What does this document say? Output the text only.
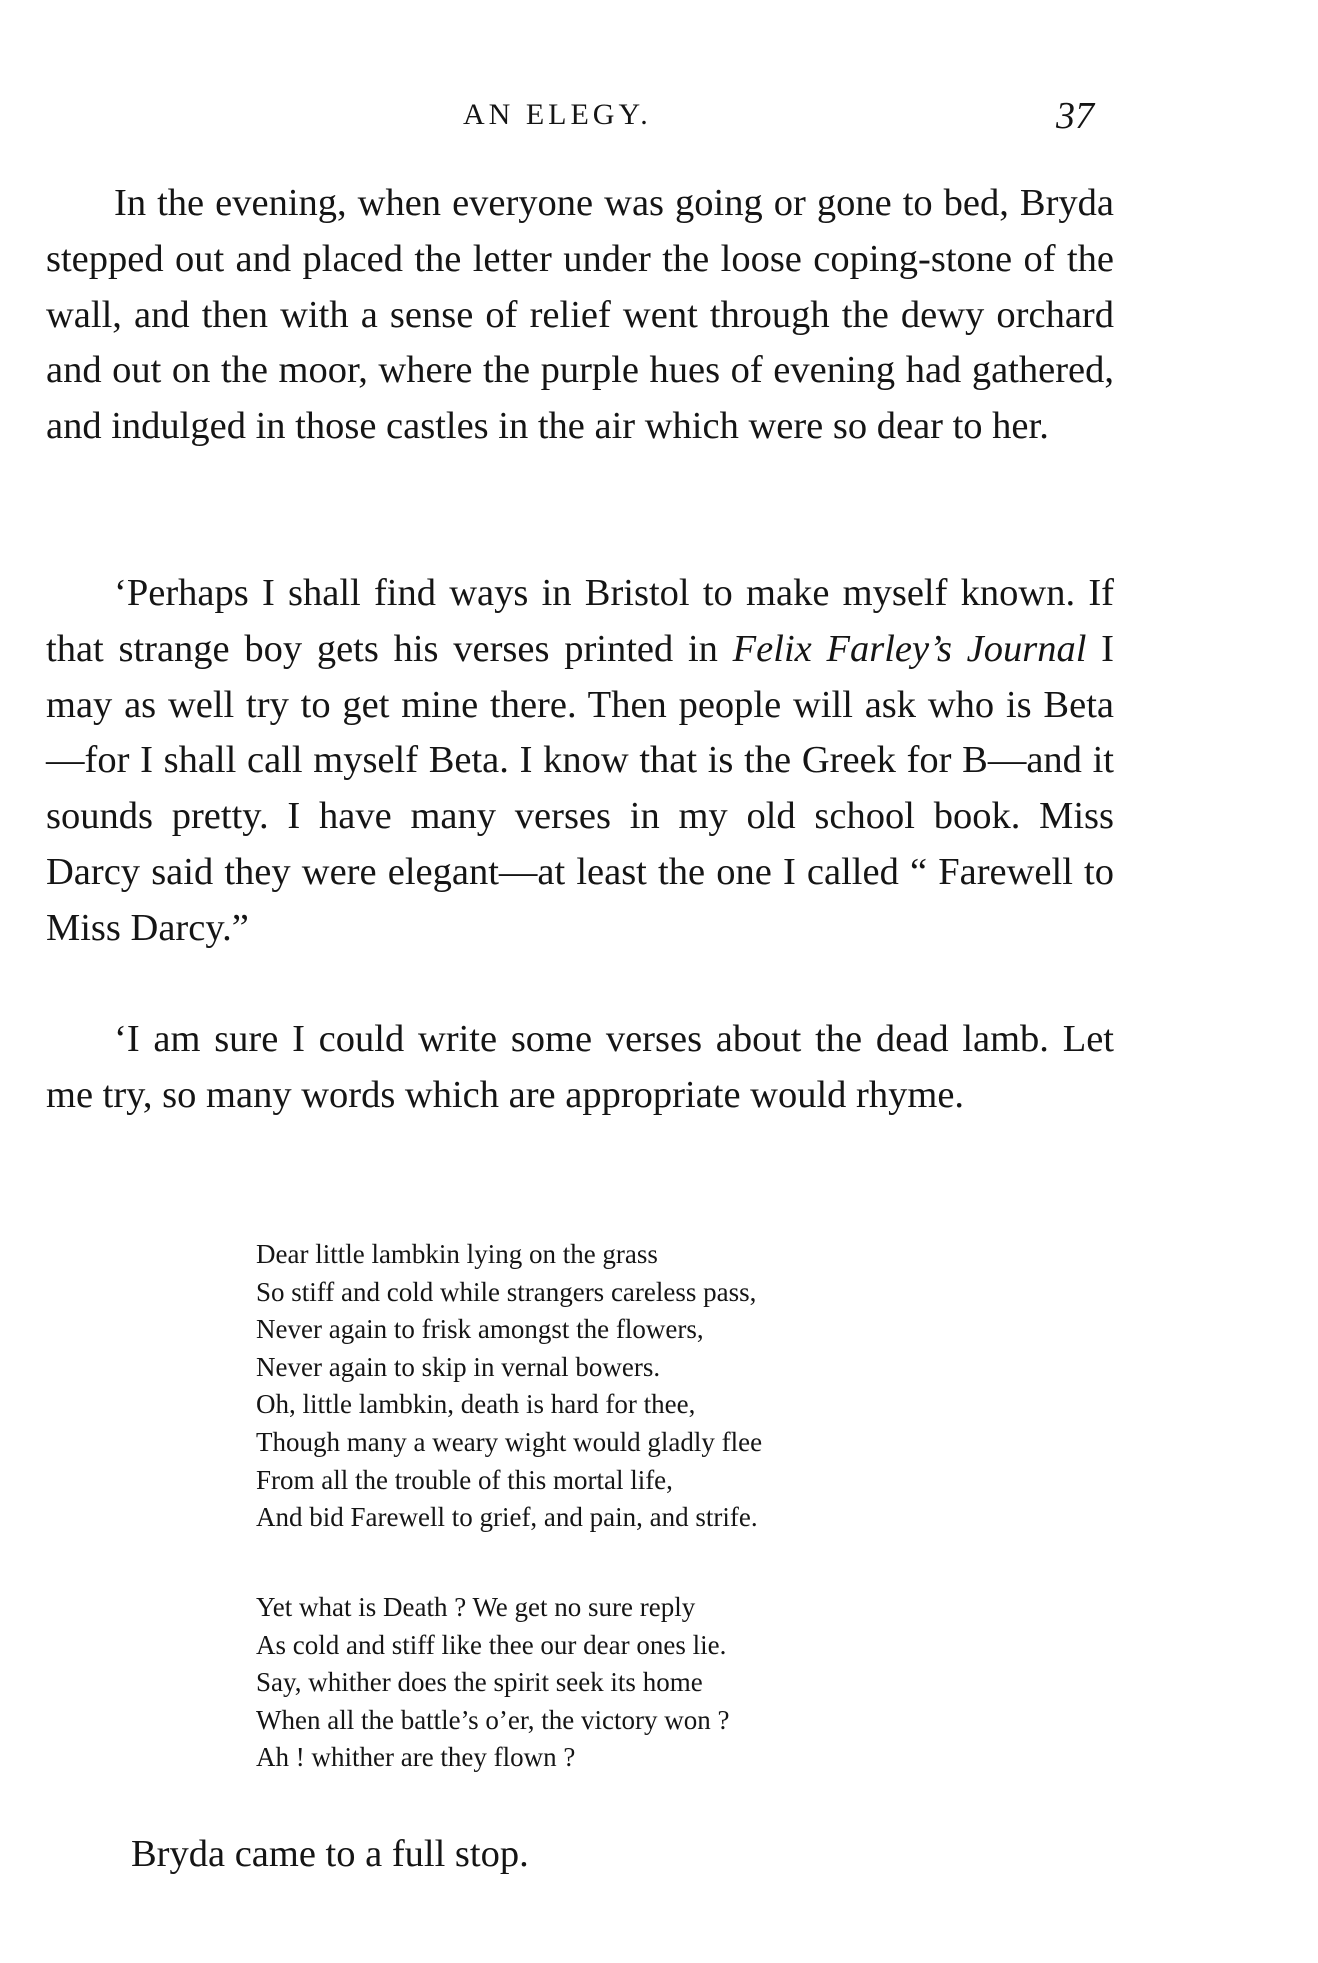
AN ELEGY.	37

In the evening, when everyone was going or gone to bed, Bryda stepped out and placed the letter under the loose coping-stone of the wall, and then with a sense of relief went through the dewy orchard and out on the moor, where the purple hues of evening had gathered, and indulged in those castles in the air which were so dear to her.

‘Perhaps I shall find ways in Bristol to make myself known. If that strange boy gets his verses printed in Felix Farley’s Journal I may as well try to get mine there. Then people will ask who is Beta—for I shall call myself Beta. I know that is the Greek for B—and it sounds pretty. I have many verses in my old school book. Miss Darcy said they were elegant—at least the one I called “ Farewell to Miss Darcy.”

‘I am sure I could write some verses about the dead lamb. Let me try, so many words which are appropriate would rhyme.

Dear little lambkin lying on the grass
So stiff and cold while strangers careless pass,
Never again to frisk amongst the flowers,
Never again to skip in vernal bowers.
Oh, little lambkin, death is hard for thee,
Though many a weary wight would gladly flee
From all the trouble of this mortal life,
And bid Farewell to grief, and pain, and strife.
Yet what is Death ? We get no sure reply
As cold and stiff like thee our dear ones lie.
Say, whither does the spirit seek its home
When all the battle’s o’er, the victory won ?
Ah ! whither are they flown ?
Bryda came to a full stop.
